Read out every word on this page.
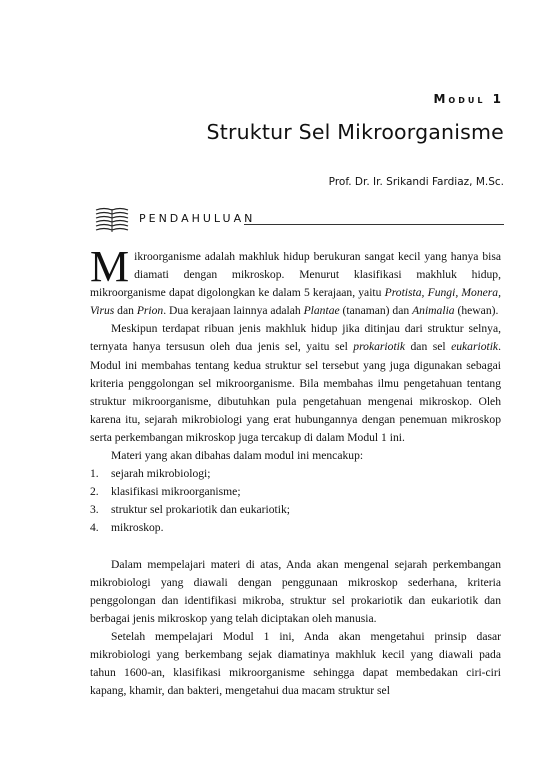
Modul 1
Struktur Sel Mikroorganisme
Prof. Dr. Ir. Srikandi Fardiaz, M.Sc.
PENDAHULUAN

Mikroorganisme adalah makhluk hidup berukuran sangat kecil yang hanya bisa diamati dengan mikroskop. Menurut klasifikasi makhluk hidup, mikroorganisme dapat digolongkan ke dalam 5 kerajaan, yaitu Protista, Fungi, Monera, Virus dan Prion. Dua kerajaan lainnya adalah Plantae (tanaman) dan Animalia (hewan).

Meskipun terdapat ribuan jenis makhluk hidup jika ditinjau dari struktur selnya, ternyata hanya tersusun oleh dua jenis sel, yaitu sel prokariotik dan sel eukariotik. Modul ini membahas tentang kedua struktur sel tersebut yang juga digunakan sebagai kriteria penggolongan sel mikroorganisme. Bila membahas ilmu pengetahuan tentang struktur mikroorganisme, dibutuhkan pula pengetahuan mengenai mikroskop. Oleh karena itu, sejarah mikrobiologi yang erat hubungannya dengan penemuan mikroskop serta perkembangan mikroskop juga tercakup di dalam Modul 1 ini.

Materi yang akan dibahas dalam modul ini mencakup:

1. sejarah mikrobiologi;
2. klasifikasi mikroorganisme;
3. struktur sel prokariotik dan eukariotik;
4. mikroskop.

Dalam mempelajari materi di atas, Anda akan mengenal sejarah perkembangan mikrobiologi yang diawali dengan penggunaan mikroskop sederhana, kriteria penggolongan dan identifikasi mikroba, struktur sel prokariotik dan eukariotik dan berbagai jenis mikroskop yang telah diciptakan oleh manusia.

Setelah mempelajari Modul 1 ini, Anda akan mengetahui prinsip dasar mikrobiologi yang berkembang sejak diamatinya makhluk kecil yang diawali pada tahun 1600-an, klasifikasi mikroorganisme sehingga dapat membedakan ciri-ciri kapang, khamir, dan bakteri, mengetahui dua macam struktur sel
